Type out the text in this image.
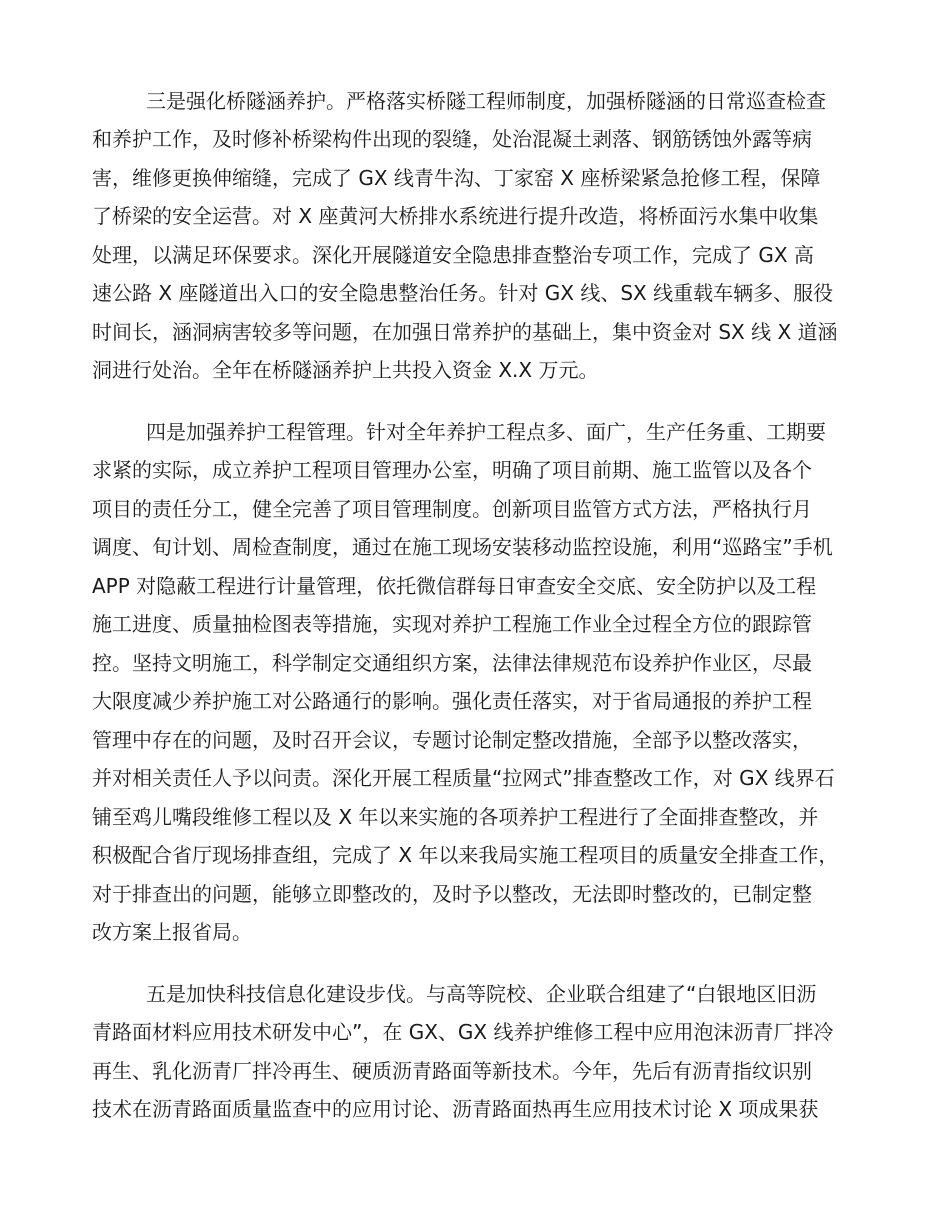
三是强化桥隧涵养护。严格落实桥隧工程师制度，加强桥隧涵的日常巡查检查
和养护工作，及时修补桥梁构件出现的裂缝，处治混凝土剥落、钢筋锈蚀外露等病
害，维修更换伸缩缝，完成了 GX 线青牛沟、丁家窑 X 座桥梁紧急抢修工程，保障
了桥梁的安全运营。对 X 座黄河大桥排水系统进行提升改造，将桥面污水集中收集
处理，以满足环保要求。深化开展隧道安全隐患排查整治专项工作，完成了 GX 高
速公路 X 座隧道出入口的安全隐患整治任务。针对 GX 线、SX 线重载车辆多、服役
时间长，涵洞病害较多等问题，在加强日常养护的基础上，集中资金对 SX 线 X 道涵
洞进行处治。全年在桥隧涵养护上共投入资金 X.X 万元。
四是加强养护工程管理。针对全年养护工程点多、面广，生产任务重、工期要
求紧的实际，成立养护工程项目管理办公室，明确了项目前期、施工监管以及各个
项目的责任分工，健全完善了项目管理制度。创新项目监管方式方法，严格执行月
调度、旬计划、周检查制度，通过在施工现场安装移动监控设施，利用“巡路宝”手机
APP 对隐蔽工程进行计量管理，依托微信群每日审查安全交底、安全防护以及工程
施工进度、质量抽检图表等措施，实现对养护工程施工作业全过程全方位的跟踪管
控。坚持文明施工，科学制定交通组织方案，法律法律规范布设养护作业区，尽最
大限度减少养护施工对公路通行的影响。强化责任落实，对于省局通报的养护工程
管理中存在的问题，及时召开会议，专题讨论制定整改措施，全部予以整改落实，
并对相关责任人予以问责。深化开展工程质量“拉网式”排查整改工作，对 GX 线界石
铺至鸡儿嘴段维修工程以及 X 年以来实施的各项养护工程进行了全面排查整改，并
积极配合省厅现场排查组，完成了 X 年以来我局实施工程项目的质量安全排查工作，
对于排查出的问题，能够立即整改的，及时予以整改，无法即时整改的，已制定整
改方案上报省局。
五是加快科技信息化建设步伐。与高等院校、企业联合组建了“白银地区旧沥
青路面材料应用技术研发中心”，在 GX、GX 线养护维修工程中应用泡沫沥青厂拌冷
再生、乳化沥青厂拌冷再生、硬质沥青路面等新技术。今年，先后有沥青指纹识别
技术在沥青路面质量监查中的应用讨论、沥青路面热再生应用技术讨论 X 项成果获
